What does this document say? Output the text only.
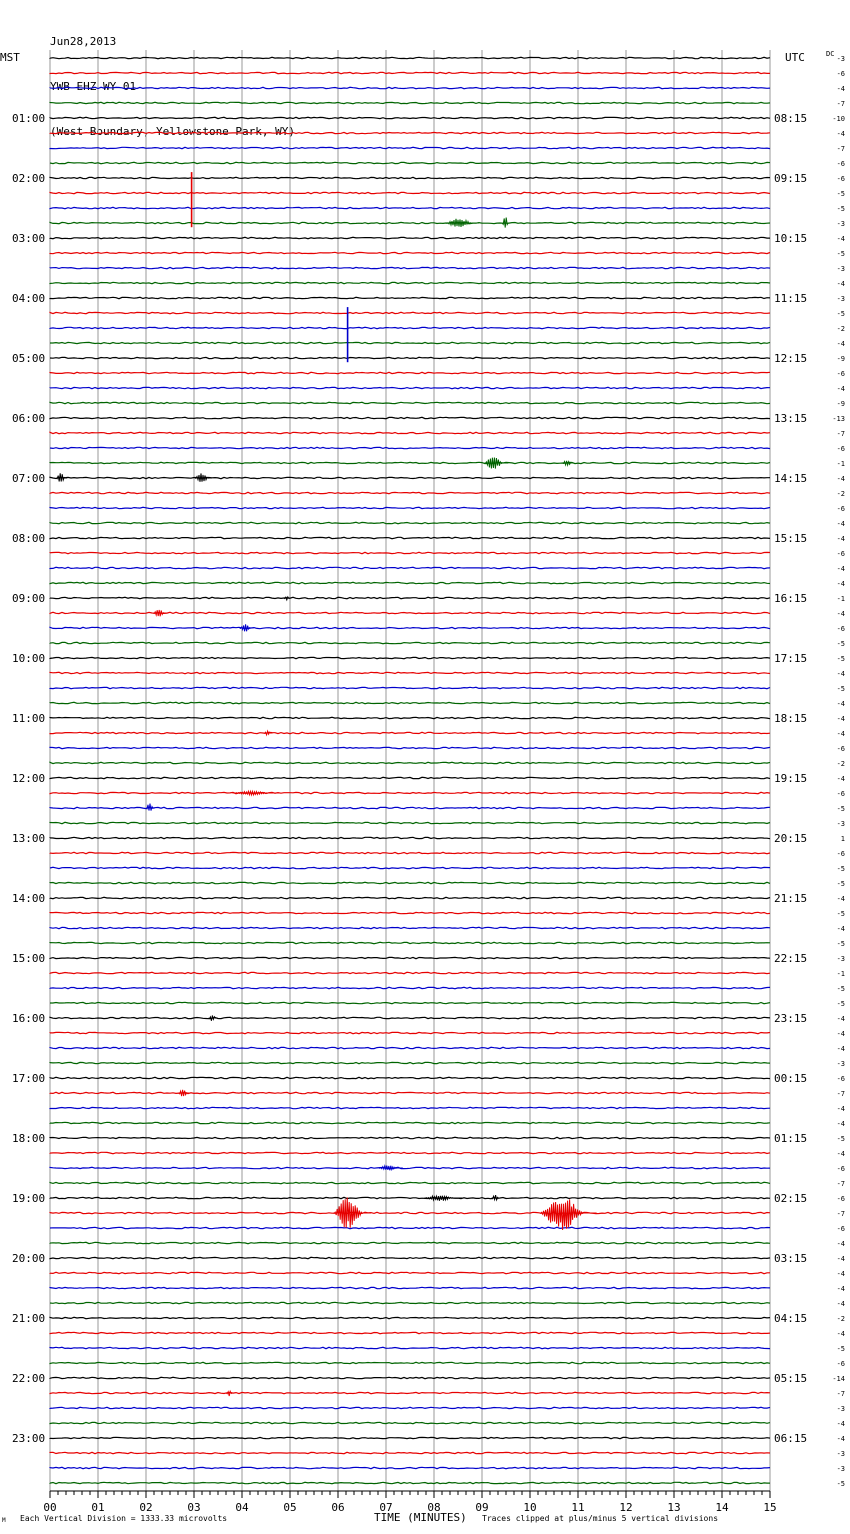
Jun28,2013

YWB EHZ WY 01

(West Boundary, Yellowstone Park, WY)

MST	UTC	DC
01:00
02:00
03:00
04:00
05:00
06:00
07:00
08:00
09:00
10:00
11:00
12:00
13:00
14:00
15:00
16:00
17:00
18:00
19:00
20:00
21:00
22:00
23:00
08:15
09:15
10:15
11:15
12:15
13:15
14:15
15:15
16:15
17:15
18:15
19:15
20:15
21:15
22:15
23:15
00:15
01:15
02:15
03:15
04:15
05:15
06:15
-3
-6
-4
-7
-10
-4
-7
-6
-6
-5
-5
-3
-4
-5
-3
-4
-3
-5
-2
-4
-9
-6
-4
-9
-13
-7
-6
-1
-4
-2
-6
-4
-4
-6
-4
-4
-1
-4
-6
-5
-5
-4
-5
-4
-4
-4
-6
-2
-4
-6
-5
-3
1
-6
-5
-5
-4
-5
-4
-5
-3
-1
-5
-5
-4
-4
-4
-3
-6
-7
-4
-4
-5
-4
-6
-7
-6
-7
-6
-4
-4
-4
-4
-4
-2
-4
-5
-6
-14
-7
-3
-4
-4
-3
-3
-5
00	01	02	03	04	05	06	07	08	09	10	11	12	13	14	15
M Each Vertical Division = 1333.33 microvolts	TIME (MINUTES) Traces clipped at plus/minus 5 vertical divisions
